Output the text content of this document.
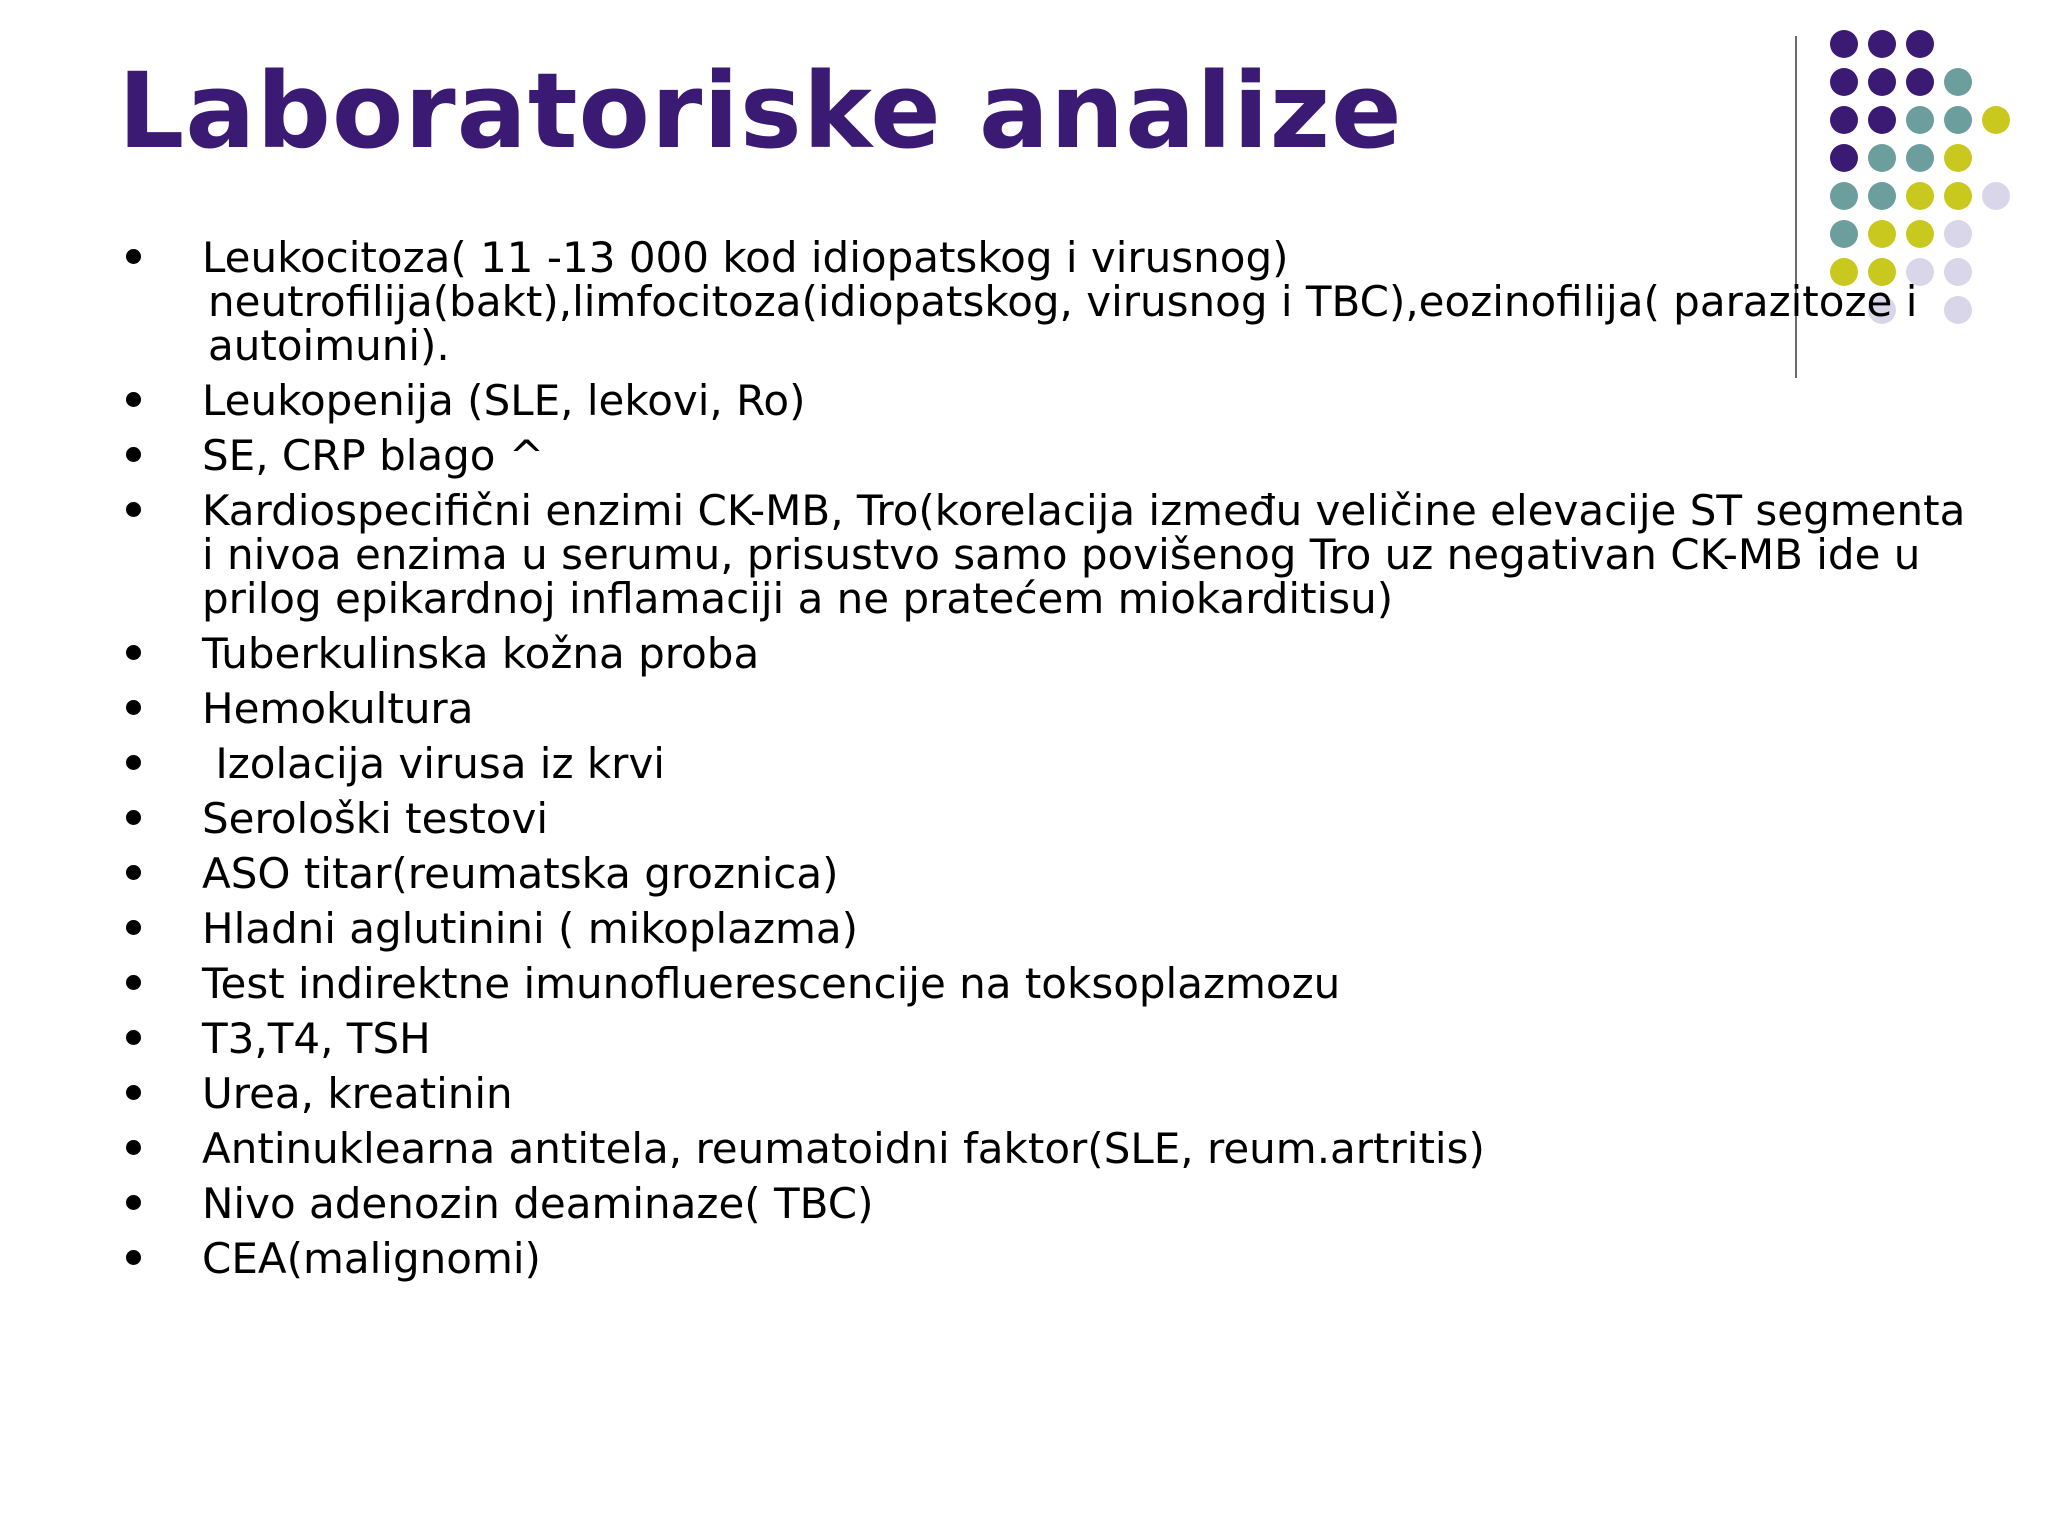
Laboratoriske analize
Leukocitoza( 11 -13 000 kod idiopatskog i virusnog)
neutrofilija(bakt),limfocitoza(idiopatskog, virusnog i TBC),eozinofilija( parazitoze i autoimuni).
Leukopenija (SLE, lekovi, Ro)
SE, CRP blago ^
Kardiospecifični enzimi CK-MB, Tro(korelacija između veličine elevacije ST segmenta i nivoa enzima u serumu, prisustvo samo povišenog Tro uz negativan CK-MB ide u prilog epikardnoj inflamaciji a ne pratećem miokarditisu)
Tuberkulinska kožna proba
Hemokultura
Izolacija virusa iz krvi
Serološki testovi
ASO titar(reumatska groznica)
Hladni aglutinini ( mikoplazma)
Test indirektne imunofluerescencije na toksoplazmozu
T3,T4, TSH
Urea, kreatinin
Antinuklearna antitela, reumatoidni faktor(SLE, reum.artritis)
Nivo adenozin deaminaze( TBC)
CEA(malignomi)
